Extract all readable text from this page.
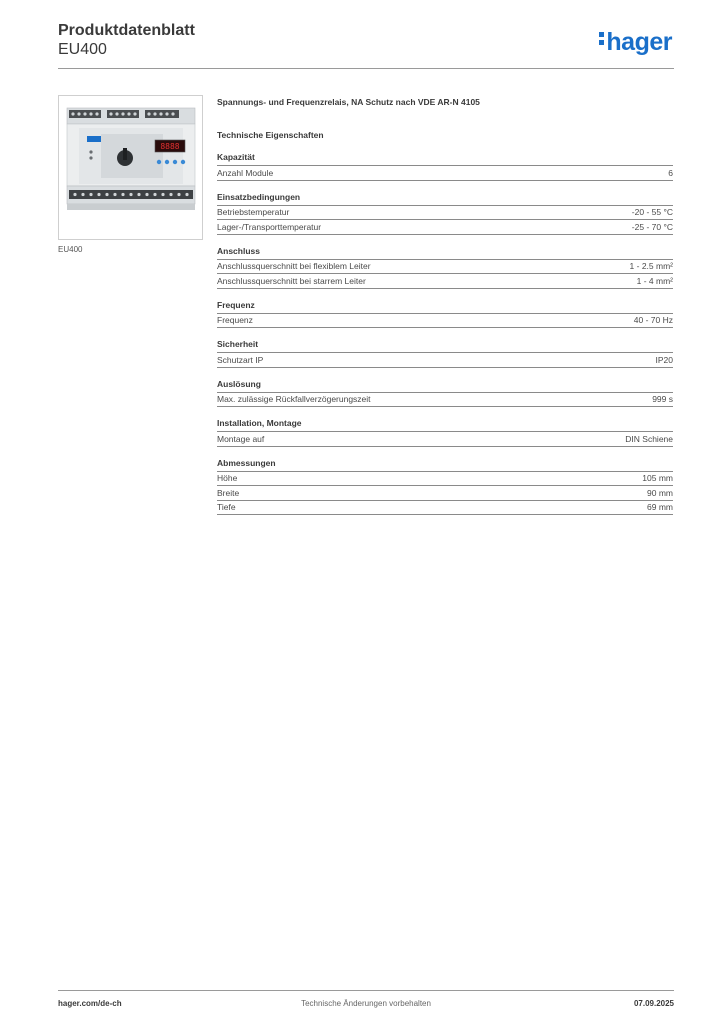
Produktdatenblatt
EU400	hager
8888
EU400
Spannungs- und Frequenzrelais, NA Schutz nach VDE AR-N 4105
Technische Eigenschaften
Kapazität
Anzahl Module	6
Einsatzbedingungen
Betriebstemperatur	-20 - 55 °C
Lager-/Transporttemperatur	-25 - 70 °C
Anschluss
Anschlussquerschnitt bei flexiblem Leiter	1 - 2.5 mm²
Anschlussquerschnitt bei starrem Leiter	1 - 4 mm²
Frequenz
Frequenz	40 - 70 Hz
Sicherheit
Schutzart IP	IP20
Auslösung
Max. zulässige Rückfallverzögerungszeit	999 s
Installation, Montage
Montage auf	DIN Schiene
Abmessungen
Höhe	105 mm
Breite	90 mm
Tiefe	69 mm
hager.com/de-ch	Technische Änderungen vorbehalten	07.09.2025
